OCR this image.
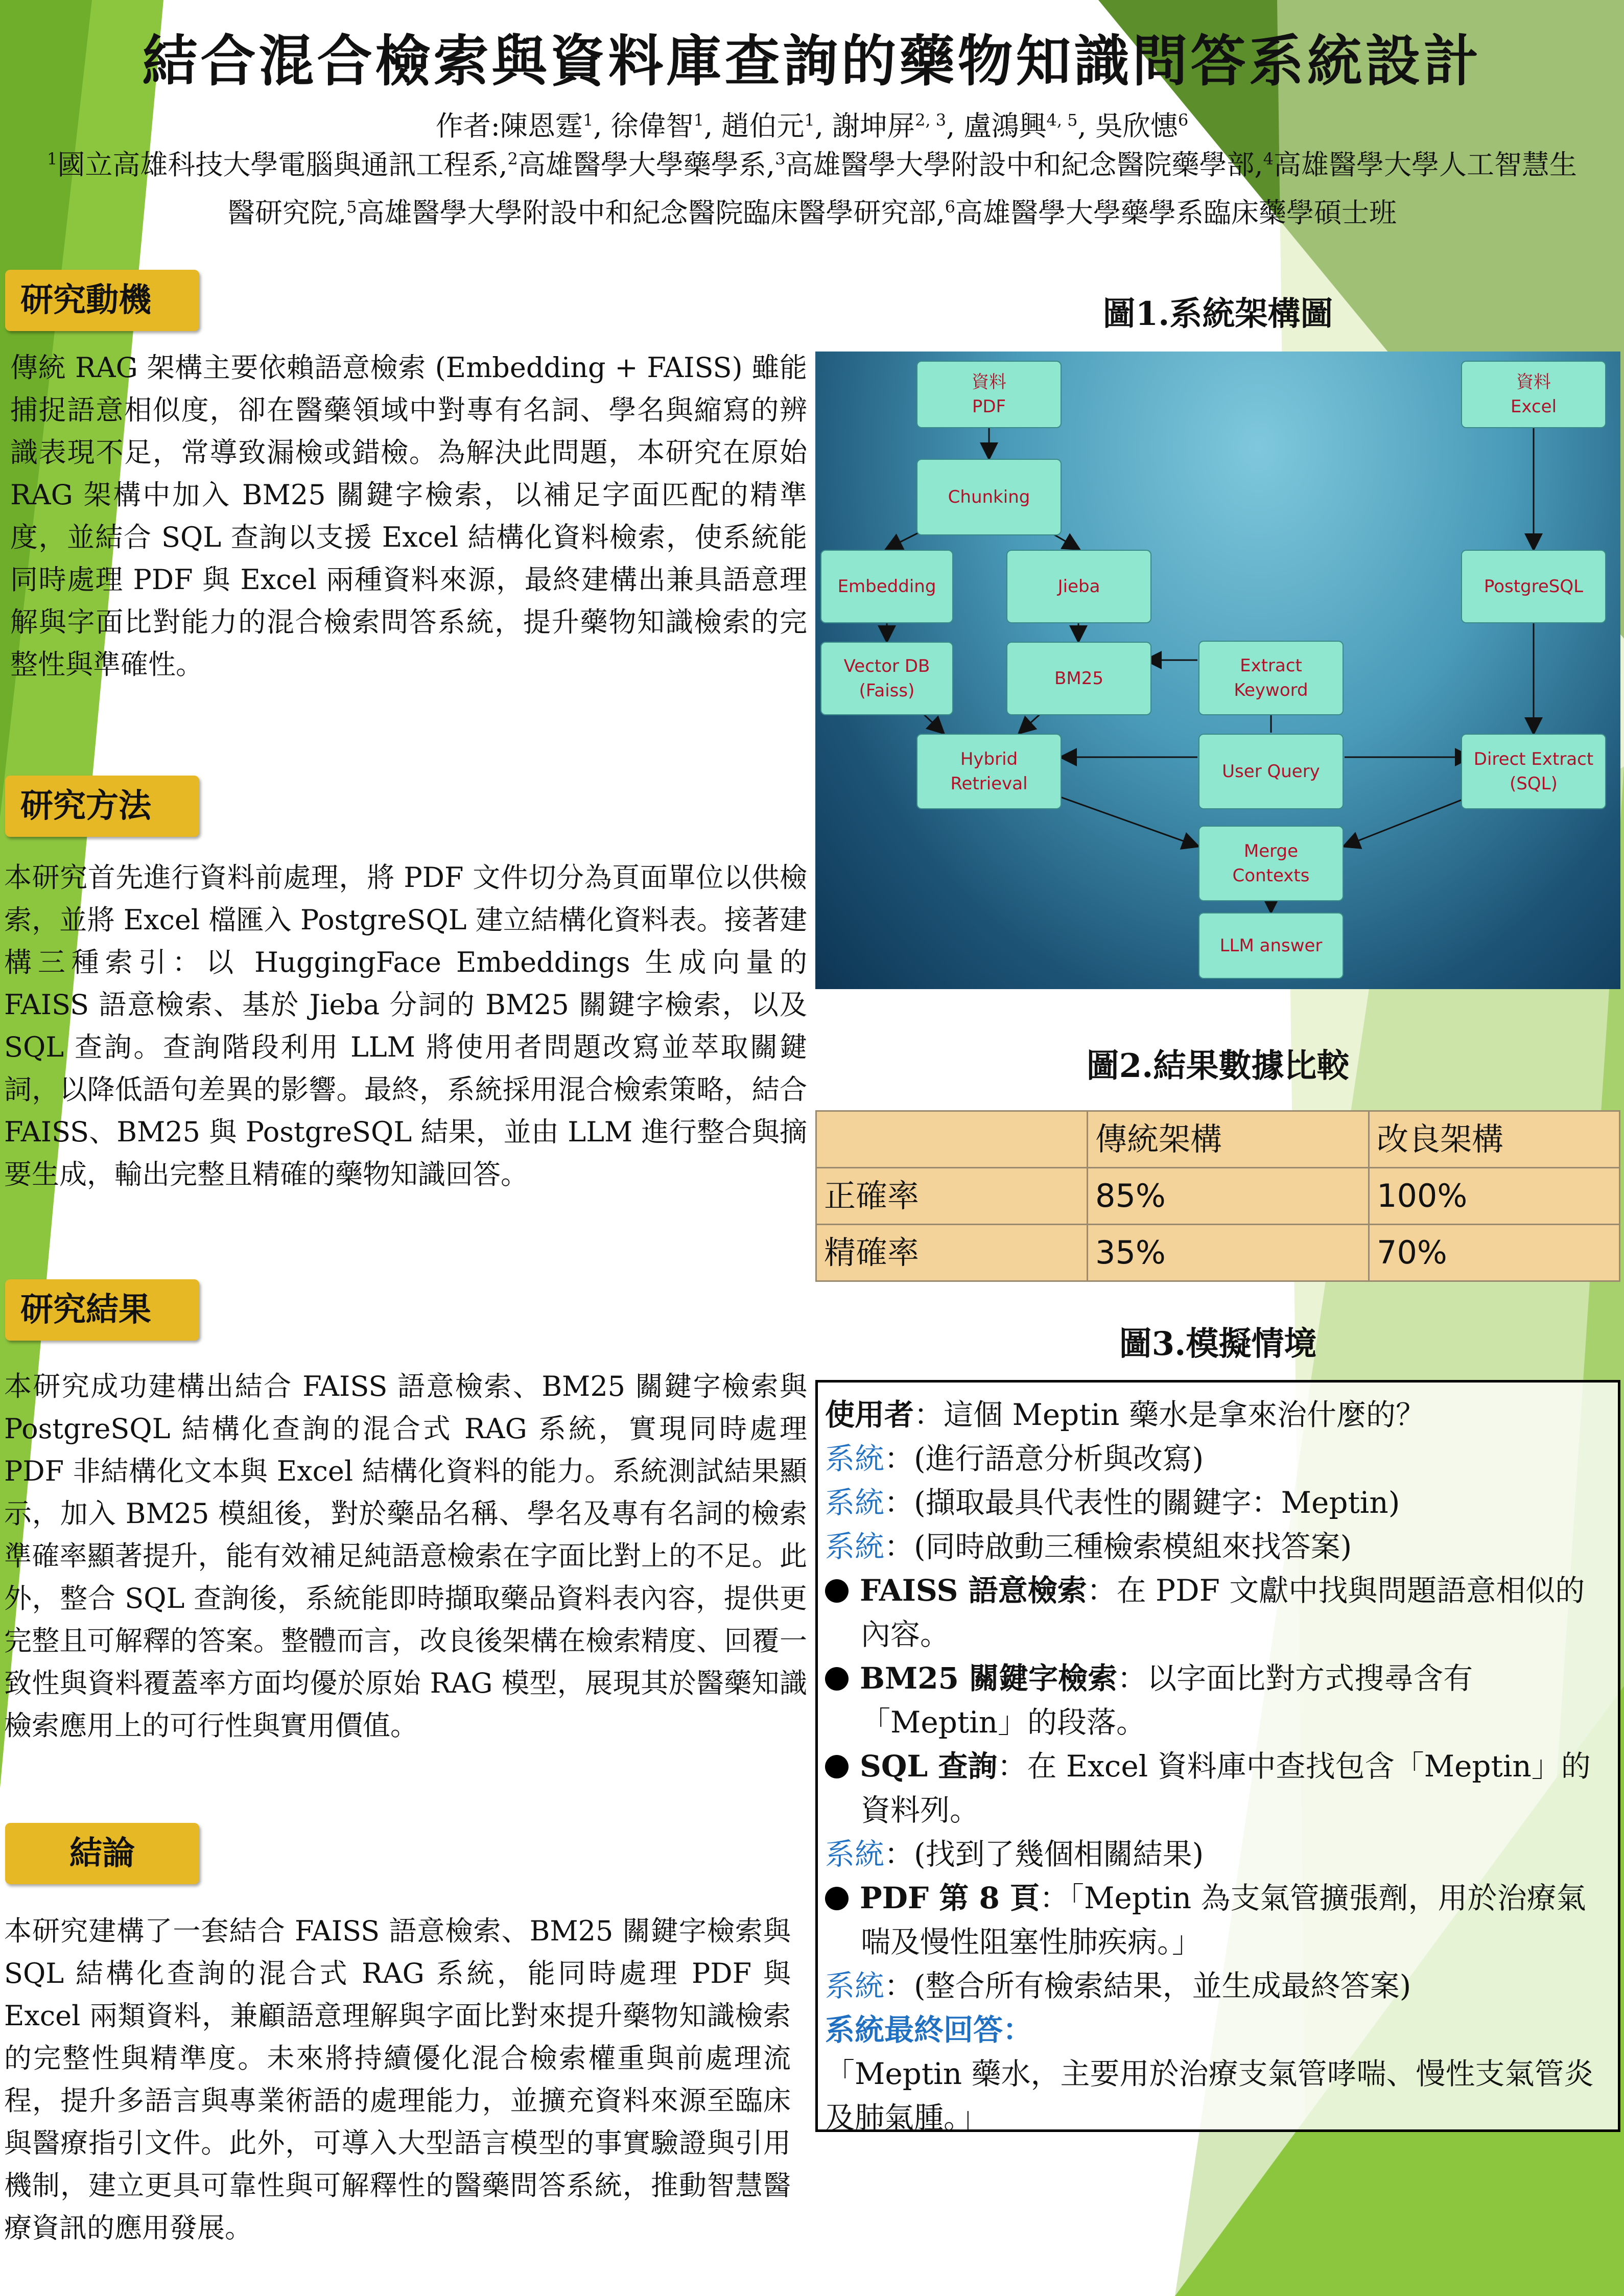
結合混合檢索與資料庫查詢的藥物知識問答系統設計
作者:陳恩霆$^1$, 徐偉智$^1$, 趙伯元$^1$, 謝坤屏$^{2, 3}$, 盧鴻興$^{4, 5}$, 吳欣憓$^6$
$^1$國立高雄科技大學電腦與通訊工程系,$^2$高雄醫學大學藥學系,$^3$高雄醫學大學附設中和紀念醫院藥學部,$^4$高雄醫學大學人工智慧生醫研究院,$^5$高雄醫學大學附設中和紀念醫院臨床醫學研究部,$^6$高雄醫學大學藥學系臨床藥學碩士班
研究動機
傳統 RAG 架構主要依賴語意檢索 (Embedding + FAISS) 雖能捕捉語意相似度，卻在醫藥領域中對專有名詞、學名與縮寫的辨識表現不足，常導致漏檢或錯檢。為解決此問題，本研究在原始 RAG 架構中加入 BM25 關鍵字檢索，以補足字面匹配的精準度，並結合 SQL 查詢以支援 Excel 結構化資料檢索，使系統能同時處理 PDF 與 Excel 兩種資料來源，最終建構出兼具語意理解與字面比對能力的混合檢索問答系統，提升藥物知識檢索的完整性與準確性。
研究方法
本研究首先進行資料前處理，將 PDF 文件切分為頁面單位以供檢索，並將 Excel 檔匯入 PostgreSQL 建立結構化資料表。接著建構三種索引：以 HuggingFace Embeddings 生成向量的 FAISS 語意檢索、基於 Jieba 分詞的 BM25 關鍵字檢索，以及SQL 查詢。查詢階段利用 LLM 將使用者問題改寫並萃取關鍵詞，以降低語句差異的影響。最終，系統採用混合檢索策略，結合 FAISS、BM25 與 PostgreSQL 結果，並由 LLM 進行整合與摘要生成，輸出完整且精確的藥物知識回答。
研究結果
本研究成功建構出結合 FAISS 語意檢索、BM25 關鍵字檢索與 PostgreSQL 結構化查詢的混合式 RAG 系統，實現同時處理 PDF 非結構化文本與 Excel 結構化資料的能力。系統測試結果顯示，加入 BM25 模組後，對於藥品名稱、學名及專有名詞的檢索準確率顯著提升，能有效補足純語意檢索在字面比對上的不足。此外，整合 SQL 查詢後，系統能即時擷取藥品資料表內容，提供更完整且可解釋的答案。整體而言，改良後架構在檢索精度、回覆一致性與資料覆蓋率方面均優於原始 RAG 模型，展現其於醫藥知識檢索應用上的可行性與實用價值。
結論
本研究建構了一套結合 FAISS 語意檢索、BM25 關鍵字檢索與 SQL 結構化查詢的混合式 RAG 系統，能同時處理 PDF 與 Excel 兩類資料，兼顧語意理解與字面比對來提升藥物知識檢索的完整性與精準度。未來將持續優化混合檢索權重與前處理流程，提升多語言與專業術語的處理能力，並擴充資料來源至臨床與醫療指引文件。此外，可導入大型語言模型的事實驗證與引用機制，建立更具可靠性與可解釋性的醫藥問答系統，推動智慧醫療資訊的應用發展。
圖1.系統架構圖
資料
PDF
資料
Excel
Chunking
Embedding	Jieba	PostgreSQL
Vector DB
(Faiss)
BM25
Extract
Keyword
Hybrid
Retrieval
User Query
Direct Extract
(SQL)
Merge
Contexts
LLM answer
圖2.結果數據比較
	傳統架構	改良架構
正確率	85%	100%
精確率	35%	70%
圖3.模擬情境
使用者：這個 Meptin 藥水是拿來治什麼的？
系統：(進行語意分析與改寫)
系統：(擷取最具代表性的關鍵字：Meptin)
系統：(同時啟動三種檢索模組來找答案)
FAISS 語意檢索：在 PDF 文獻中找與問題語意相似的內容。
BM25 關鍵字檢索：以字面比對方式搜尋含有「Meptin」的段落。
SQL 查詢：在 Excel 資料庫中查找包含「Meptin」的資料列。
系統：(找到了幾個相關結果)
PDF 第 8 頁：「Meptin 為支氣管擴張劑，用於治療氣喘及慢性阻塞性肺疾病。」
系統：(整合所有檢索結果，並生成最終答案)
系統最終回答：
「Meptin 藥水，主要用於治療支氣管哮喘、慢性支氣管炎及肺氣腫。」
